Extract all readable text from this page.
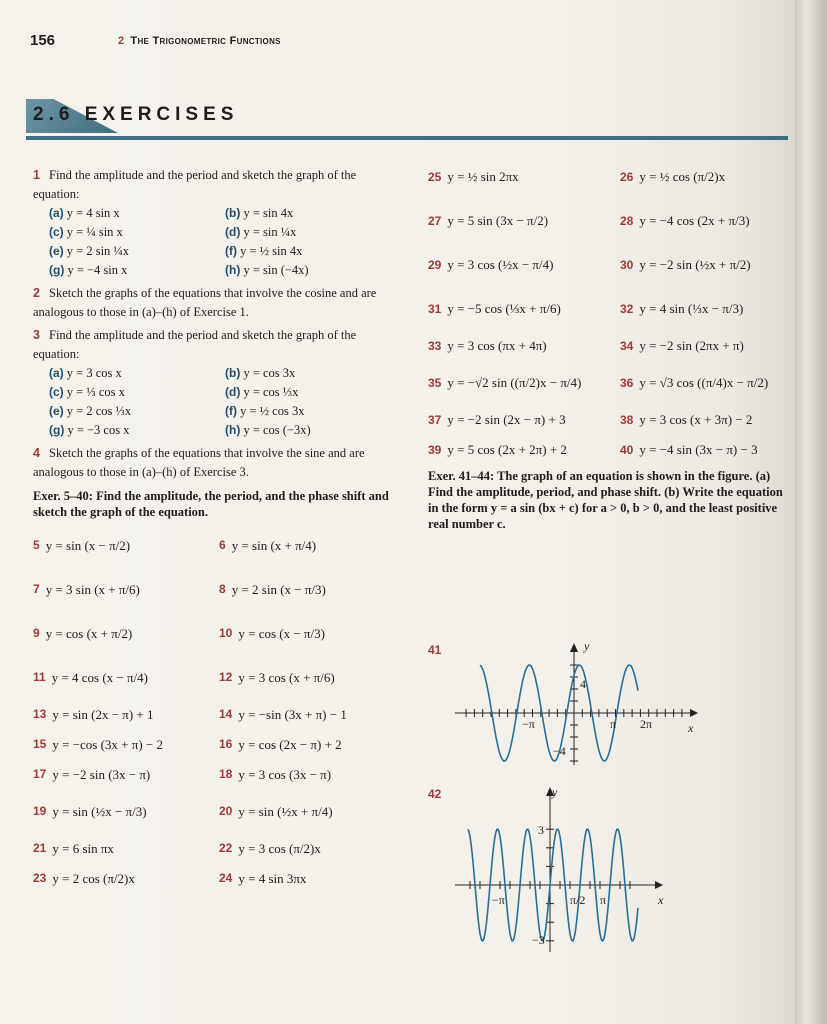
156	2 The Trigonometric Functions
2.6 EXERCISES
1 Find the amplitude and the period and sketch the graph of the equation:
(a) y = 4 sin x	(b) y = sin 4x
(c) y = ¼ sin x	(d) y = sin ¼x
(e) y = 2 sin ¼x	(f) y = ½ sin 4x
(g) y = −4 sin x	(h) y = sin (−4x)
2 Sketch the graphs of the equations that involve the cosine and are analogous to those in (a)–(h) of Exercise 1.
3 Find the amplitude and the period and sketch the graph of the equation:
(a) y = 3 cos x	(b) y = cos 3x
(c) y = ⅓ cos x	(d) y = cos ⅓x
(e) y = 2 cos ⅓x	(f) y = ½ cos 3x
(g) y = −3 cos x	(h) y = cos (−3x)
4 Sketch the graphs of the equations that involve the sine and are analogous to those in (a)–(h) of Exercise 3.
Exer. 5–40: Find the amplitude, the period, and the phase shift and sketch the graph of the equation.
5 y = sin (x − π/2)	6 y = sin (x + π/4)
7 y = 3 sin (x + π/6)	8 y = 2 sin (x − π/3)
9 y = cos (x + π/2)	10 y = cos (x − π/3)
11 y = 4 cos (x − π/4)	12 y = 3 cos (x + π/6)
13 y = sin (2x − π) + 1	14 y = −sin (3x + π) − 1
15 y = −cos (3x + π) − 2	16 y = cos (2x − π) + 2
17 y = −2 sin (3x − π)	18 y = 3 cos (3x − π)
19 y = sin (½x − π/3)	20 y = sin (½x + π/4)
21 y = 6 sin πx	22 y = 3 cos (π/2)x
23 y = 2 cos (π/2)x	24 y = 4 sin 3πx
25 y = ½ sin 2πx	26 y = ½ cos (π/2)x
27 y = 5 sin (3x − π/2)	28 y = −4 cos (2x + π/3)
29 y = 3 cos (½x − π/4)	30 y = −2 sin (½x + π/2)
31 y = −5 cos (⅓x + π/6)	32 y = 4 sin (⅓x − π/3)
33 y = 3 cos (πx + 4π)	34 y = −2 sin (2πx + π)
35 y = −√2 sin ((π/2)x − π/4)	36 y = √3 cos ((π/4)x − π/2)
37 y = −2 sin (2x − π) + 3	38 y = 3 cos (x + 3π) − 2
39 y = 5 cos (2x + 2π) + 2	40 y = −4 sin (3x − π) − 3
Exer. 41–44: The graph of an equation is shown in the figure. (a) Find the amplitude, period, and phase shift. (b) Write the equation in the form y = a sin (bx + c) for a > 0, b > 0, and the least positive real number c.
41	y
x
4
−π	π 2π
−4
42	y
x
3
−π	π/2 π
−3
